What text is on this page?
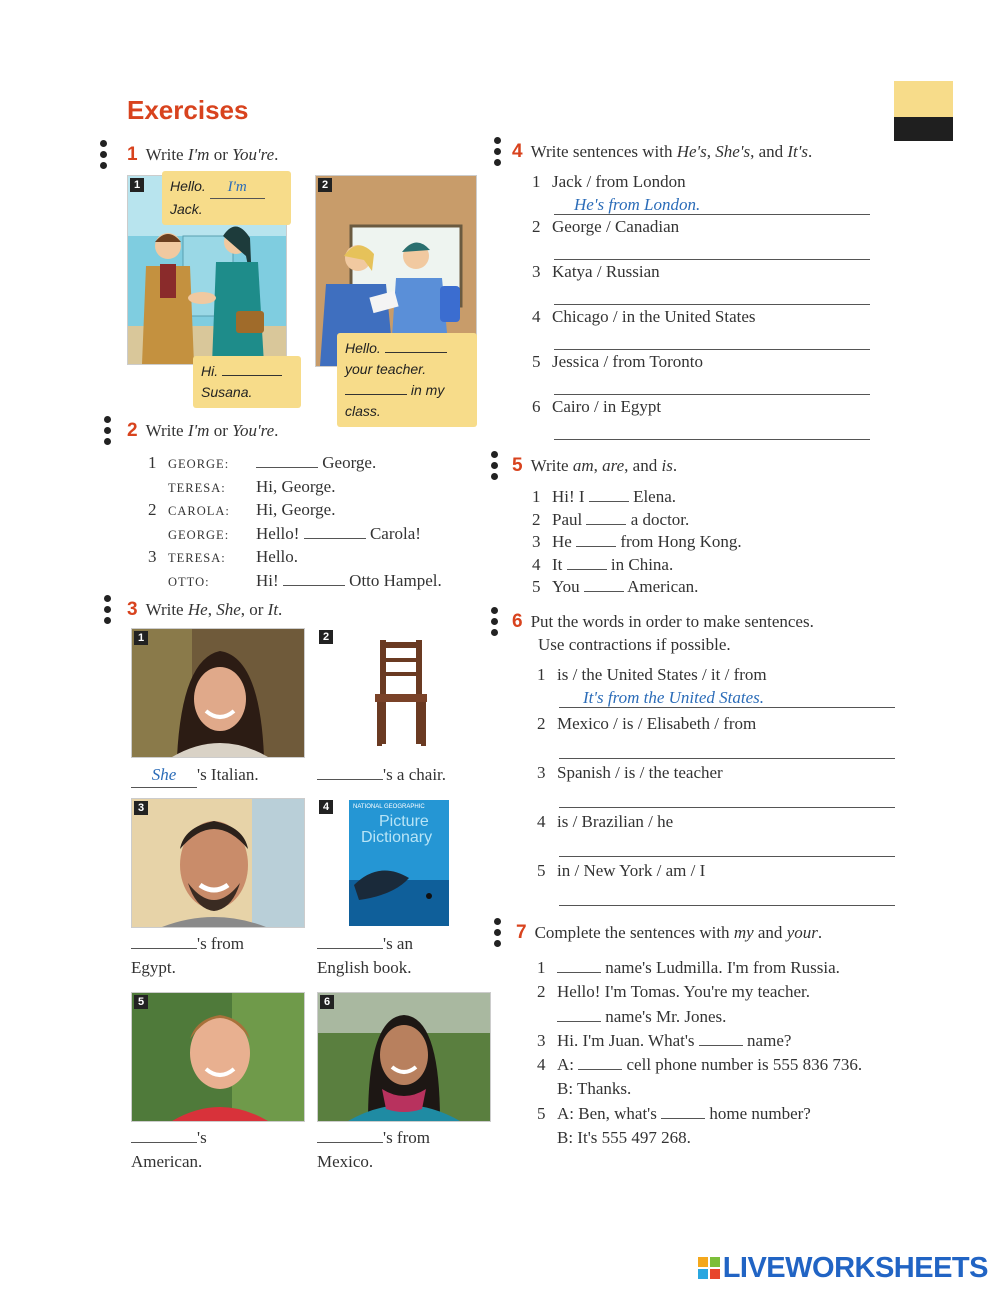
Exercises
1 Write I'm or You're.
1	Hello. I'm
Jack.
Hi.
Susana.
2
Hello.
your teacher.
in my
class.
2 Write I'm or You're.
1 GEORGE:	George.
TERESA: Hi, George.
2 CAROLA: Hi, George.
GEORGE: Hello!	Carola!
3 TERESA: Hello.
OTTO:	Hi!	Otto Hampel.
3 Write He, She, or It.
1
She 's Italian.
2
's a chair.
3
's from
Egypt.
NATIONAL GEOGRAPHIC
Picture
Dictionary
4
's an
English book.
5
's
American.
6
's from
Mexico.
4 Write sentences with He's, She's, and It's.
1 Jack / from London
He's from London.
2 George / Canadian
3 Katya / Russian
4 Chicago / in the United States
5 Jessica / from Toronto
6 Cairo / in Egypt
5 Write am, are, and is.
1 Hi! I	Elena.
2 Paul	a doctor.
3 He	from Hong Kong.
4 It	in China.
5 You	American.
6 Put the words in order to make sentences.
Use contractions if possible.
1 is / the United States / it / from
It's from the United States.
2 Mexico / is / Elisabeth / from
3 Spanish / is / the teacher
4 is / Brazilian / he
5 in / New York / am / I
7 Complete the sentences with my and your.
1	name's Ludmilla. I'm from Russia.
2 Hello! I'm Tomas. You're my teacher.
name's Mr. Jones.
3 Hi. I'm Juan. What's	name?
4 A:	cell phone number is 555 836 736.
B: Thanks.
5 A: Ben, what's	home number?
B: It's 555 497 268.
LIVEWORKSHEETS
